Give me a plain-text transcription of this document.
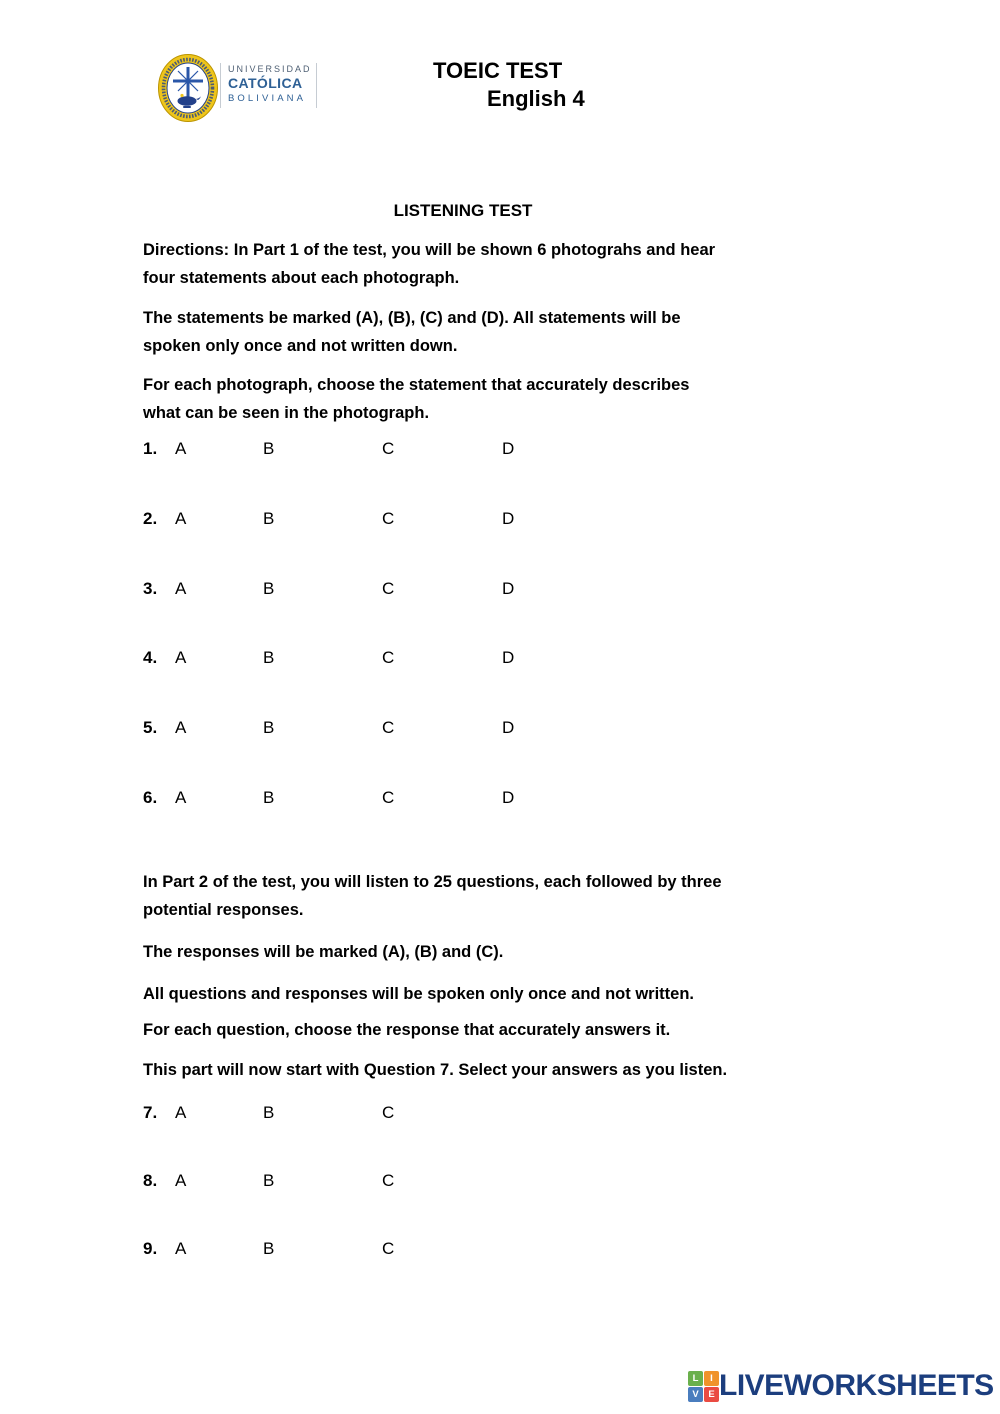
UNIVERSIDAD
CATÓLICA
BOLIVIANA
TOEIC TEST
English 4
LISTENING TEST
Directions: In Part 1 of the test, you will be shown 6 photograhs and hear
four statements about each photograph.
The statements be marked (A), (B), (C) and (D). All statements will be
spoken only once and not written down.
For each photograph, choose the statement that accurately describes
what can be seen in the photograph.
1. A	B	C	D
2. A	B	C	D
3. A	B	C	D
4. A	B	C	D
5. A	B	C	D
6. A	B	C	D
In Part 2 of the test, you will listen to 25 questions, each followed by three
potential responses.
The responses will be marked (A), (B) and (C).
All questions and responses will be spoken only once and not written.
For each question, choose the response that accurately answers it.
This part will now start with Question 7. Select your answers as you listen.
7. A	B	C
8. A	B	C
9. A	B	C
L	I
V	E LIVEWORKSHEETS
